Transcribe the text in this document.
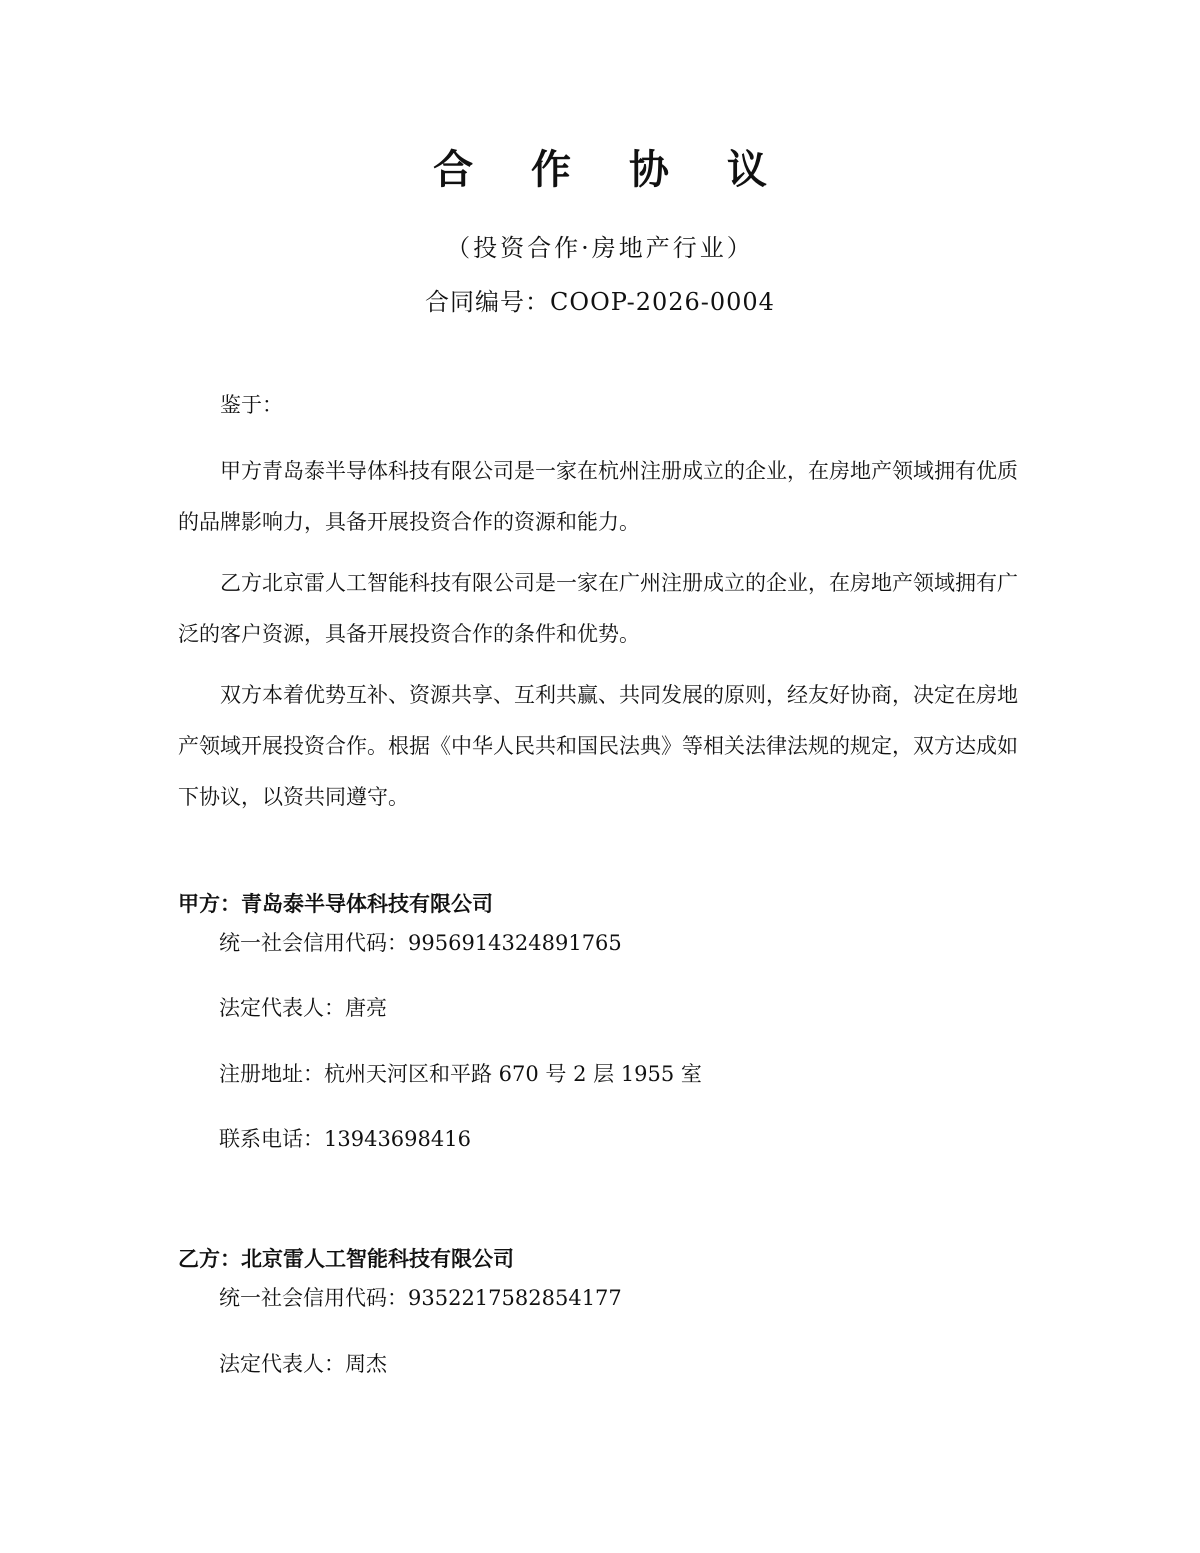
合 作 协 议
（投资合作·房地产行业）
合同编号：COOP-2026-0004

鉴于：

甲方青岛泰半导体科技有限公司是一家在杭州注册成立的企业，在房地产领域拥有优质的品牌影响力，具备开展投资合作的资源和能力。

乙方北京雷人工智能科技有限公司是一家在广州注册成立的企业，在房地产领域拥有广泛的客户资源，具备开展投资合作的条件和优势。

双方本着优势互补、资源共享、互利共赢、共同发展的原则，经友好协商，决定在房地产领域开展投资合作。根据《中华人民共和国民法典》等相关法律法规的规定，双方达成如下协议，以资共同遵守。

甲方：青岛泰半导体科技有限公司
统一社会信用代码：9956914324891765
法定代表人：唐亮
注册地址：杭州天河区和平路 670 号 2 层 1955 室
联系电话：13943698416
乙方：北京雷人工智能科技有限公司
统一社会信用代码：9352217582854177
法定代表人：周杰
